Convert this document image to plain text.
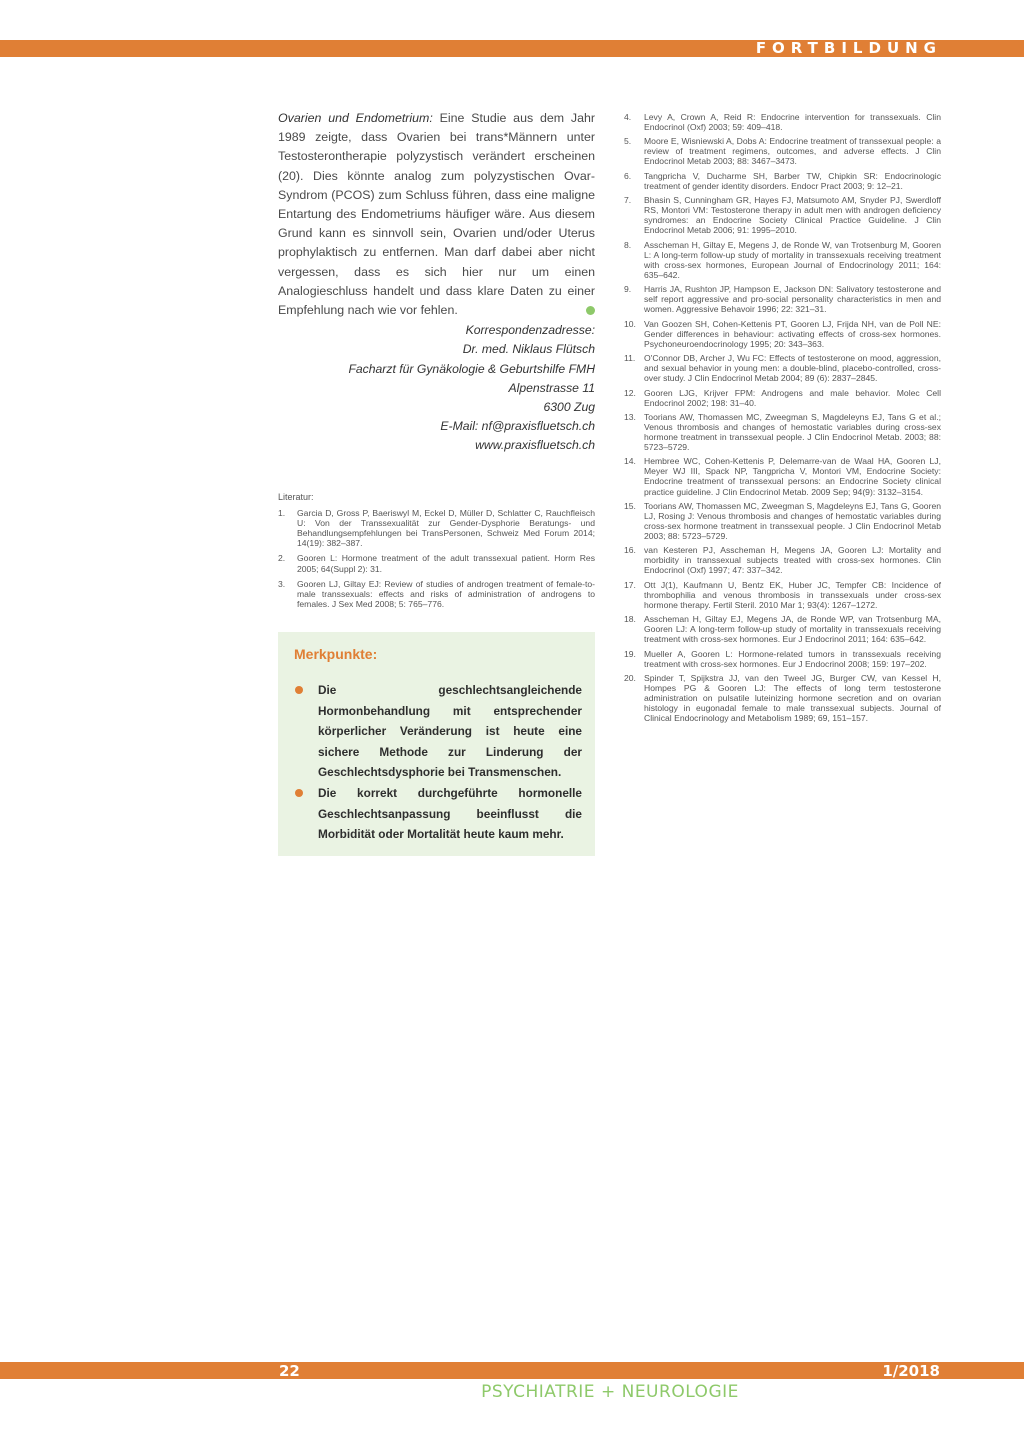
FORTBILDUNG

Ovarien und Endometrium: Eine Studie aus dem Jahr 1989 zeigte, dass Ovarien bei trans*Männern unter Testosterontherapie polyzystisch verändert erscheinen (20). Dies könnte analog zum polyzystischen Ovar-Syndrom (PCOS) zum Schluss führen, dass eine maligne Entartung des Endometriums häufiger wäre. Aus diesem Grund kann es sinnvoll sein, Ovarien und/oder Uterus prophylaktisch zu entfernen. Man darf dabei aber nicht vergessen, dass es sich hier nur um einen Analogieschluss handelt und dass klare Daten zu einer Empfehlung nach wie vor fehlen.

Korrespondenzadresse:
Dr. med. Niklaus Flütsch
Facharzt für Gynäkologie & Geburtshilfe FMH
Alpenstrasse 11
6300 Zug
E-Mail: nf@praxisfluetsch.ch
www.praxisfluetsch.ch
Literatur:
1. Garcia D, Gross P, Baeriswyl M, Eckel D, Müller D, Schlatter C, Rauchfleisch U: Von der Transsexualität zur Gender-Dysphorie Beratungs- und Behandlungsempfehlungen bei TransPersonen, Schweiz Med Forum 2014; 14(19): 382–387.
2. Gooren L: Hormone treatment of the adult transsexual patient. Horm Res 2005; 64(Suppl 2): 31.
3. Gooren LJ, Giltay EJ: Review of studies of androgen treatment of female-to-male transsexuals: effects and risks of administration of androgens to females. J Sex Med 2008; 5: 765–776.
Merkpunkte:
Die geschlechtsangleichende Hormonbehandlung mit entsprechender körperlicher Veränderung ist heute eine sichere Methode zur Linderung der Geschlechtsdysphorie bei Transmenschen.
Die korrekt durchgeführte hormonelle Geschlechtsanpassung beeinflusst die Morbidität oder Mortalität heute kaum mehr.
4. Levy A, Crown A, Reid R: Endocrine intervention for transsexuals. Clin Endocrinol (Oxf) 2003; 59: 409–418.
5. Moore E, Wisniewski A, Dobs A: Endocrine treatment of transsexual people: a review of treatment regimens, outcomes, and adverse effects. J Clin Endocrinol Metab 2003; 88: 3467–3473.
6. Tangpricha V, Ducharme SH, Barber TW, Chipkin SR: Endocrinologic treatment of gender identity disorders. Endocr Pract 2003; 9: 12–21.
7. Bhasin S, Cunningham GR, Hayes FJ, Matsumoto AM, Snyder PJ, Swerdloff RS, Montori VM: Testosterone therapy in adult men with androgen deficiency syndromes: an Endocrine Society Clinical Practice Guideline. J Clin Endocrinol Metab 2006; 91: 1995–2010.
8. Asscheman H, Giltay E, Megens J, de Ronde W, van Trotsenburg M, Gooren L: A long-term follow-up study of mortality in transsexuals receiving treatment with cross-sex hormones, European Journal of Endocrinology 2011; 164: 635–642.
9. Harris JA, Rushton JP, Hampson E, Jackson DN: Salivatory testosterone and self report aggressive and pro-social personality characteristics in men and women. Aggressive Behavoir 1996; 22: 321–31.
10. Van Goozen SH, Cohen-Kettenis PT, Gooren LJ, Frijda NH, van de Poll NE: Gender differences in behaviour: activating effects of cross-sex hormones. Psychoneuroendocrinology 1995; 20: 343–363.
11. O'Connor DB, Archer J, Wu FC: Effects of testosterone on mood, aggression, and sexual behavior in young men: a double-blind, placebo-controlled, cross-over study. J Clin Endocrinol Metab 2004; 89 (6): 2837–2845.
12. Gooren LJG, Krijver FPM: Androgens and male behavior. Molec Cell Endocrinol 2002; 198: 31–40.
13. Toorians AW, Thomassen MC, Zweegman S, Magdeleyns EJ, Tans G et al.; Venous thrombosis and changes of hemostatic variables during cross-sex hormone treatment in transsexual people. J Clin Endocrinol Metab. 2003; 88: 5723–5729.
14. Hembree WC, Cohen-Kettenis P, Delemarre-van de Waal HA, Gooren LJ, Meyer WJ III, Spack NP, Tangpricha V, Montori VM, Endocrine Society: Endocrine treatment of transsexual persons: an Endocrine Society clinical practice guideline. J Clin Endocrinol Metab. 2009 Sep; 94(9): 3132–3154.
15. Toorians AW, Thomassen MC, Zweegman S, Magdeleyns EJ, Tans G, Gooren LJ, Rosing J: Venous thrombosis and changes of hemostatic variables during cross-sex hormone treatment in transsexual people. J Clin Endocrinol Metab 2003; 88: 5723–5729.
16. van Kesteren PJ, Asscheman H, Megens JA, Gooren LJ: Mortality and morbidity in transsexual subjects treated with cross-sex hormones. Clin Endocrinol (Oxf) 1997; 47: 337–342.
17. Ott J(1), Kaufmann U, Bentz EK, Huber JC, Tempfer CB: Incidence of thrombophilia and venous thrombosis in transsexuals under cross-sex hormone therapy. Fertil Steril. 2010 Mar 1; 93(4): 1267–1272.
18. Asscheman H, Giltay EJ, Megens JA, de Ronde WP, van Trotsenburg MA, Gooren LJ: A long-term follow-up study of mortality in transsexuals receiving treatment with cross-sex hormones. Eur J Endocrinol 2011; 164: 635–642.
19. Mueller A, Gooren L: Hormone-related tumors in transsexuals receiving treatment with cross-sex hormones. Eur J Endocrinol 2008; 159: 197–202.
20. Spinder T, Spijkstra JJ, van den Tweel JG, Burger CW, van Kessel H, Hompes PG & Gooren LJ: The effects of long term testosterone administration on pulsatile luteinizing hormone secretion and on ovarian histology in eugonadal female to male transsexual subjects. Journal of Clinical Endocrinology and Metabolism 1989; 69, 151–157.
22	1/2018
PSYCHIATRIE + NEUROLOGIE
